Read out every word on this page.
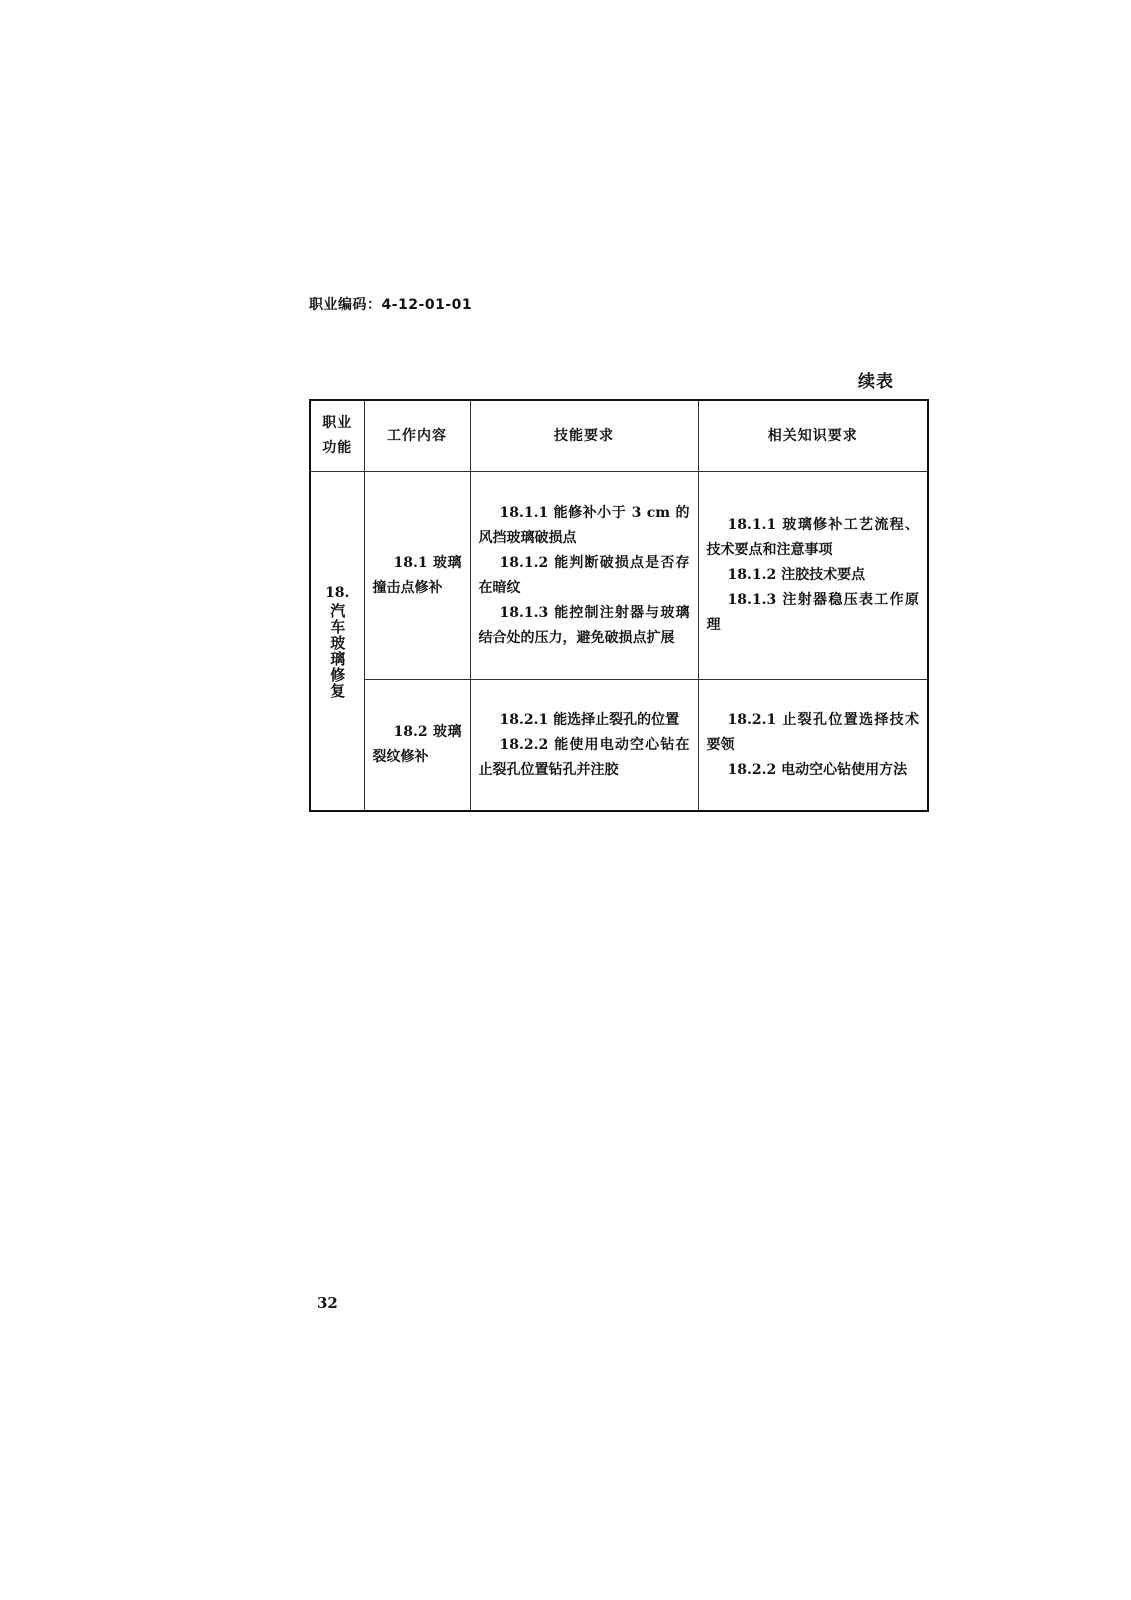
职业编码：4-12-01-01
续表
职业功能	工作内容	技能要求	相关知识要求

18.
汽车玻璃修复	18.1 玻璃撞击点修补	18.1.1 能修补小于 3 cm 的风挡玻璃破损点
18.1.2 能判断破损点是否存在暗纹
18.1.3 能控制注射器与玻璃结合处的压力，避免破损点扩展	18.1.1 玻璃修补工艺流程、技术要点和注意事项
18.1.2 注胶技术要点
18.1.3 注射器稳压表工作原理

	18.2 玻璃裂纹修补	18.2.1 能选择止裂孔的位置
18.2.2 能使用电动空心钻在止裂孔位置钻孔并注胶	18.2.1 止裂孔位置选择技术要领
18.2.2 电动空心钻使用方法
32
